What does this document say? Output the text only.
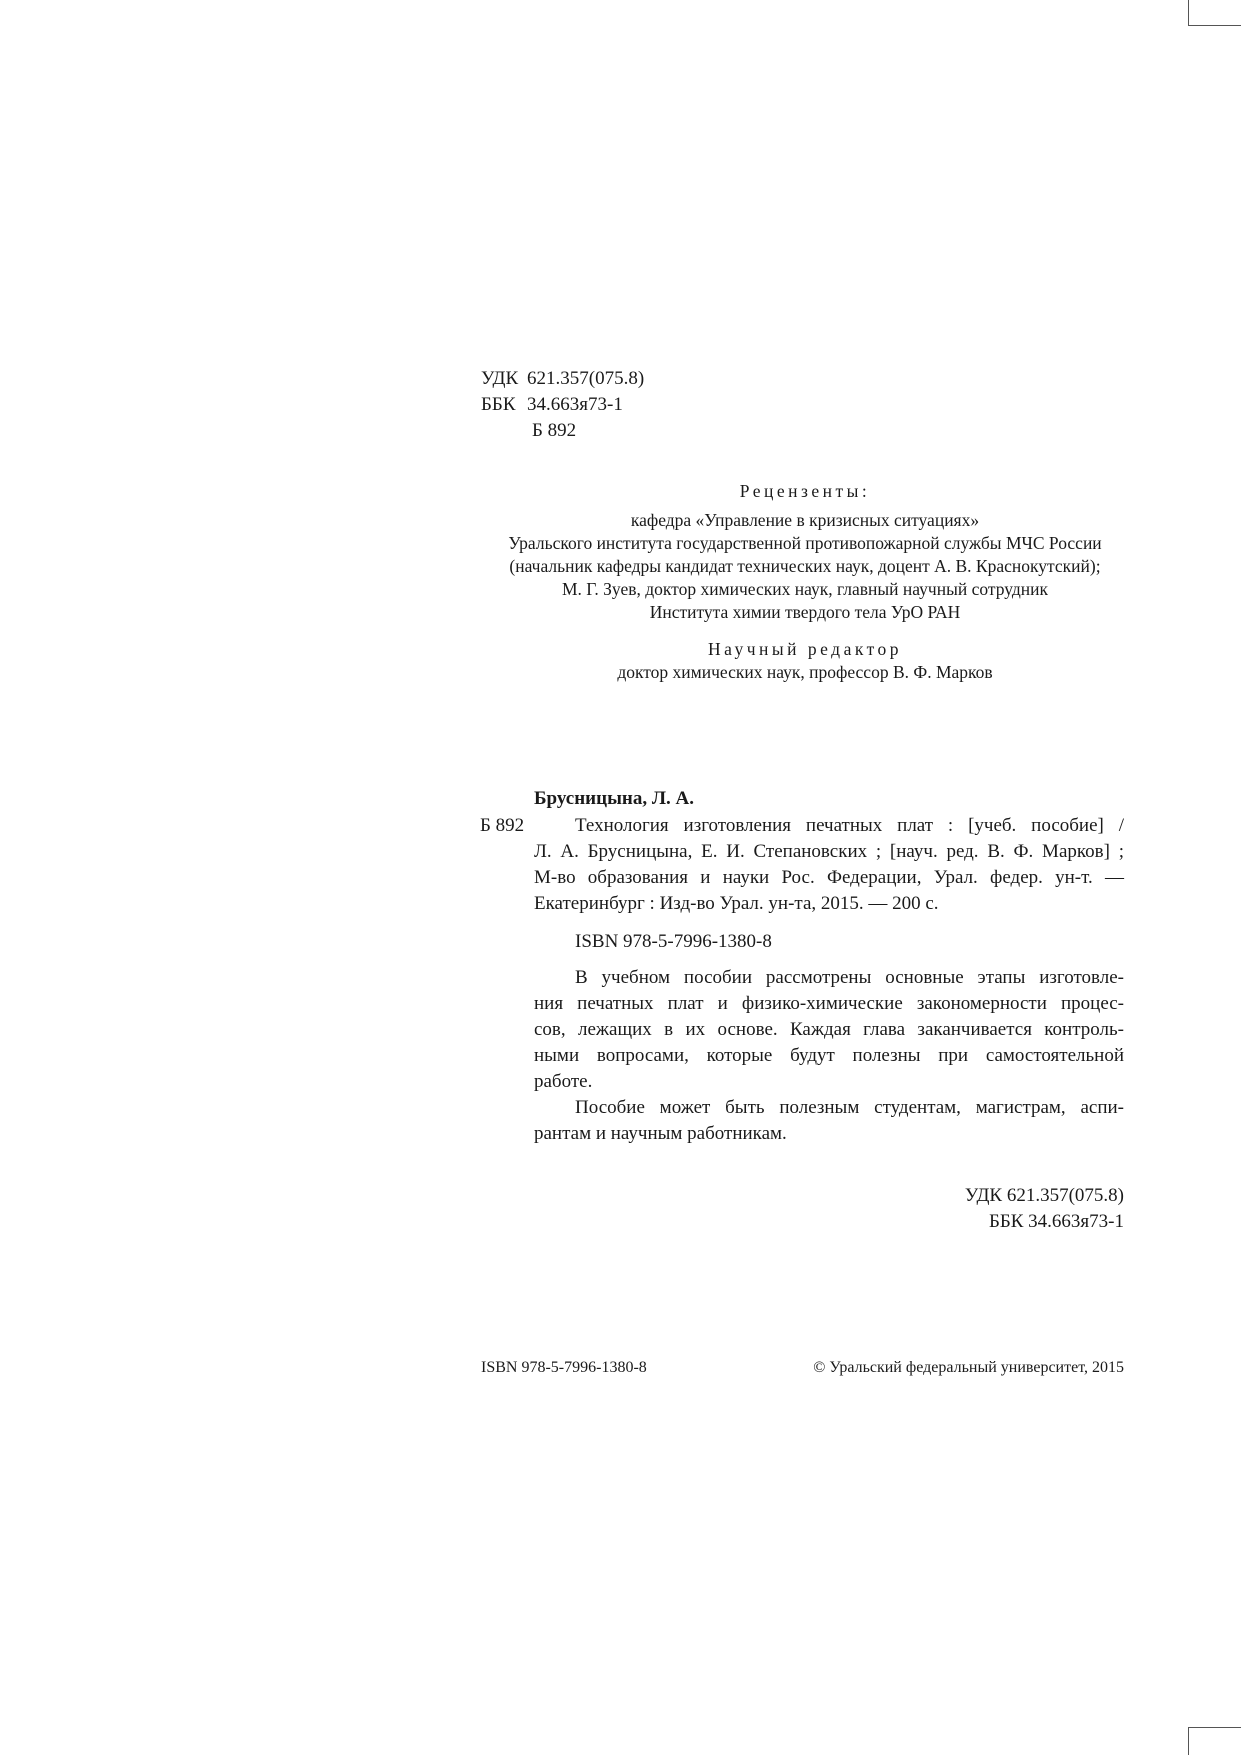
УДК 621.357(075.8)
ББК 34.663я73-1
Б 892
Рецензенты:
кафедра «Управление в кризисных ситуациях»
Уральского института государственной противопожарной службы МЧС России
(начальник кафедры кандидат технических наук, доцент А. В. Краснокутский);
М. Г. Зуев, доктор химических наук, главный научный сотрудник
Института химии твердого тела УрО РАН
Научный редактор
доктор химических наук, профессор В. Ф. Марков
Брусницына, Л. А.
Б 892	Технология изготовления печатных плат : [учеб. пособие] /

Л. А. Брусницына, Е. И. Степановских ; [науч. ред. В. Ф. Марков] ;

М-во образования и науки Рос. Федерации, Урал. федер. ун-т. —

Екатеринбург : Изд-во Урал. ун-та, 2015. — 200 с.

ISBN 978-5-7996-1380-8

В учебном пособии рассмотрены основные этапы изготовле-

ния печатных плат и физико-химические закономерности процес-

сов, лежащих в их основе. Каждая глава заканчивается контроль-

ными вопросами, которые будут полезны при самостоятельной

работе.

Пособие может быть полезным студентам, магистрам, аспи-

рантам и научным работникам.

УДК 621.357(075.8)
ББК 34.663я73-1
ISBN 978-5-7996-1380-8	© Уральский федеральный университет, 2015
